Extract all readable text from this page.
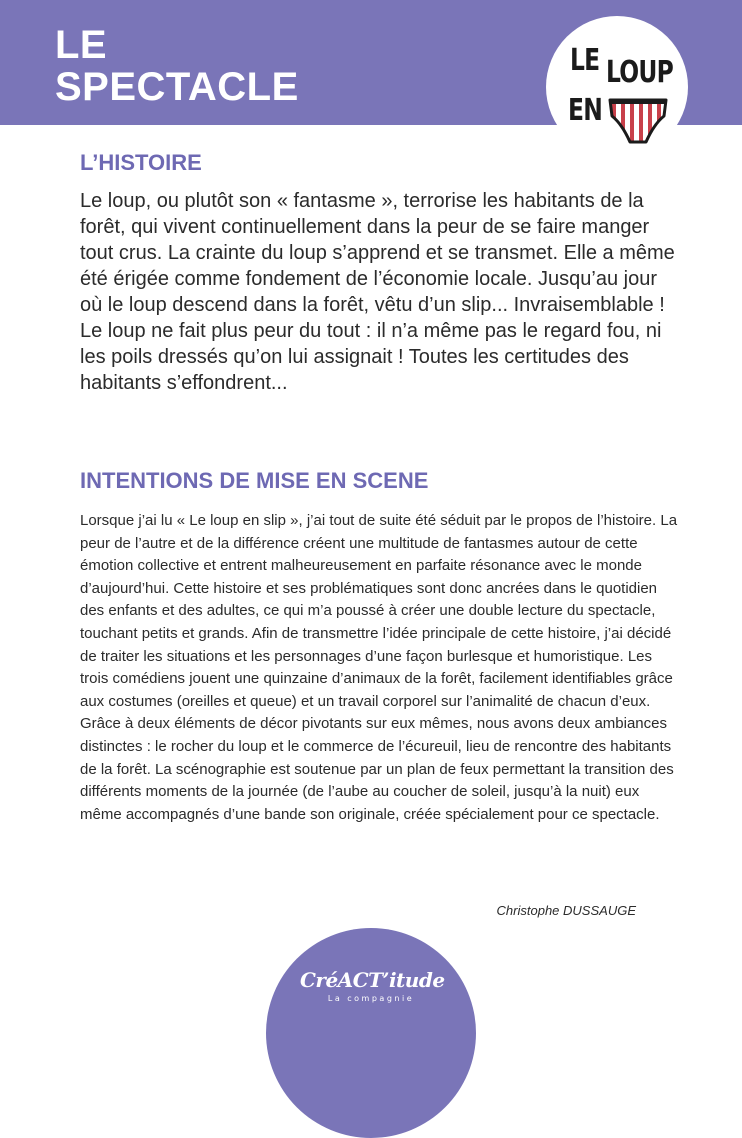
LE
SPECTACLE
LE LOUP
EN
L’HISTOIRE

Le loup, ou plutôt son « fantasme », terrorise les habitants de la forêt, qui vivent continuellement dans la peur de se faire manger tout crus. La crainte du loup s’apprend et se transmet. Elle a même été érigée comme fondement de l’économie locale. Jusqu’au jour où le loup descend dans la forêt, vêtu d’un slip... Invraisemblable ! Le loup ne fait plus peur du tout : il n’a même pas le regard fou, ni les poils dressés qu’on lui assignait ! Toutes les certitudes des habitants s’effondrent...

INTENTIONS DE MISE EN SCENE

Lorsque j’ai lu « Le loup en slip », j’ai tout de suite été séduit par le propos de l’histoire. La peur de l’autre et de la différence créent une multitude de fantasmes autour de cette émotion collective et entrent malheureusement en parfaite résonance avec le monde d’aujourd’hui. Cette histoire et ses problématiques sont donc ancrées dans le quotidien des enfants et des adultes, ce qui m’a poussé à créer une double lecture du spectacle, touchant petits et grands. Afin de transmettre l’idée principale de cette histoire, j’ai décidé de traiter les situations et les personnages d’une façon burlesque et humoristique. Les trois comédiens jouent une quinzaine d’animaux de la forêt, facilement identifiables grâce aux costumes (oreilles et queue) et un travail corporel sur l’animalité de chacun d’eux. Grâce à deux éléments de décor pivotants sur eux mêmes, nous avons deux ambiances distinctes : le rocher du loup et le commerce de l’écureuil, lieu de rencontre des habitants de la forêt. La scénographie est soutenue par un plan de feux permettant la transition des différents moments de la journée (de l’aube au coucher de soleil, jusqu’à la nuit) eux même accompagnés d’une bande son originale, créée spécialement pour ce spectacle.

Christophe DUSSAUGE

CréACT’itude
La compagnie
